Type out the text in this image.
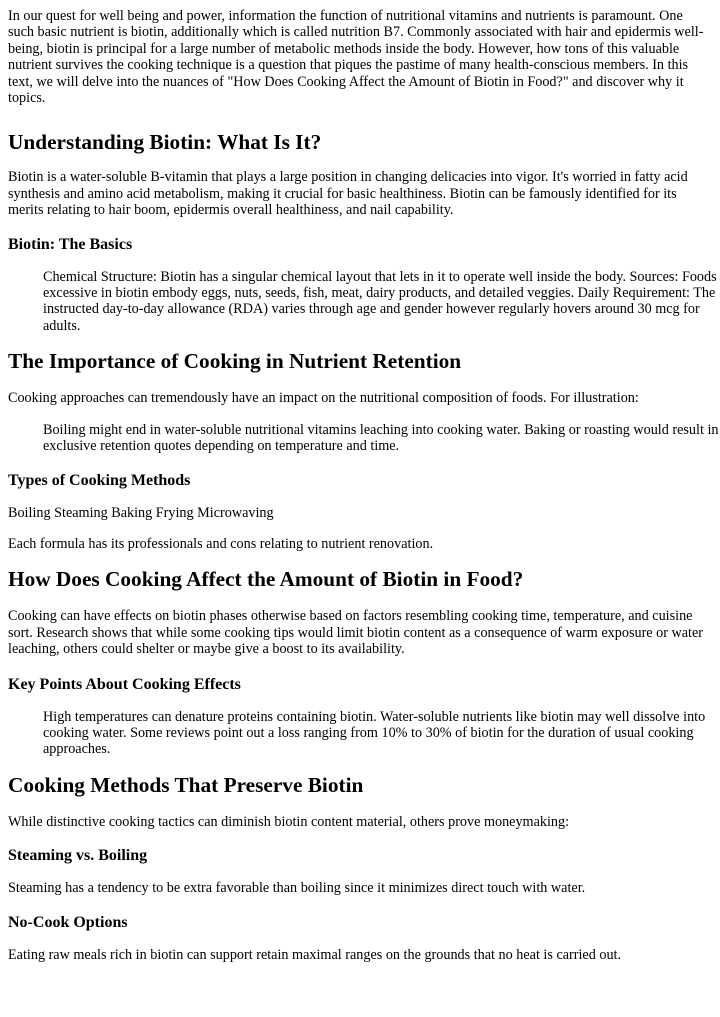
In our quest for well being and power, information the function of nutritional vitamins and nutrients is paramount. One such basic nutrient is biotin, additionally which is called nutrition B7. Commonly associated with hair and epidermis well-being, biotin is principal for a large number of metabolic methods inside the body. However, how tons of this valuable nutrient survives the cooking technique is a question that piques the pastime of many health-conscious members. In this text, we will delve into the nuances of "How Does Cooking Affect the Amount of Biotin in Food?" and discover why it topics.

Understanding Biotin: What Is It?

Biotin is a water-soluble B-vitamin that plays a large position in changing delicacies into vigor. It's worried in fatty acid synthesis and amino acid metabolism, making it crucial for basic healthiness. Biotin can be famously identified for its merits relating to hair boom, epidermis overall healthiness, and nail capability.

Biotin: The Basics

Chemical Structure: Biotin has a singular chemical layout that lets in it to operate well inside the body. Sources: Foods excessive in biotin embody eggs, nuts, seeds, fish, meat, dairy products, and detailed veggies. Daily Requirement: The instructed day-to-day allowance (RDA) varies through age and gender however regularly hovers around 30 mcg for adults.

The Importance of Cooking in Nutrient Retention

Cooking approaches can tremendously have an impact on the nutritional composition of foods. For illustration:

Boiling might end in water-soluble nutritional vitamins leaching into cooking water. Baking or roasting would result in exclusive retention quotes depending on temperature and time.

Types of Cooking Methods

Boiling Steaming Baking Frying Microwaving

Each formula has its professionals and cons relating to nutrient renovation.

How Does Cooking Affect the Amount of Biotin in Food?

Cooking can have effects on biotin phases otherwise based on factors resembling cooking time, temperature, and cuisine sort. Research shows that while some cooking tips would limit biotin content as a consequence of warm exposure or water leaching, others could shelter or maybe give a boost to its availability.

Key Points About Cooking Effects

High temperatures can denature proteins containing biotin. Water-soluble nutrients like biotin may well dissolve into cooking water. Some reviews point out a loss ranging from 10% to 30% of biotin for the duration of usual cooking approaches.

Cooking Methods That Preserve Biotin

While distinctive cooking tactics can diminish biotin content material, others prove moneymaking:

Steaming vs. Boiling

Steaming has a tendency to be extra favorable than boiling since it minimizes direct touch with water.

No-Cook Options

Eating raw meals rich in biotin can support retain maximal ranges on the grounds that no heat is carried out.
